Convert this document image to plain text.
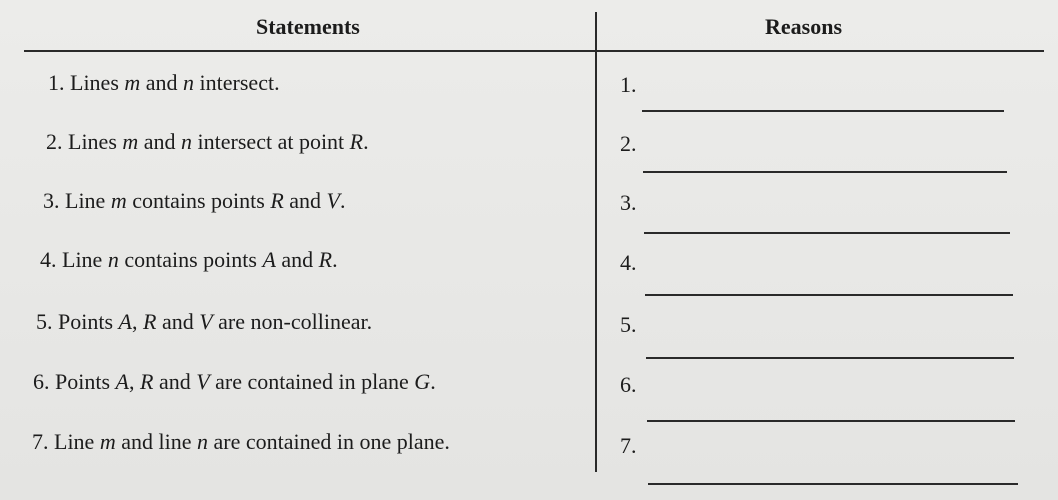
Statements	Reasons
1. Lines m and n intersect.	1.
2. Lines m and n intersect at point R.	2.
3. Line m contains points R and V.	3.
4. Line n contains points A and R.	4.
5. Points A, R and V are non-collinear.	5.
6. Points A, R and V are contained in plane G.	6.
7. Line m and line n are contained in one plane.	7.
